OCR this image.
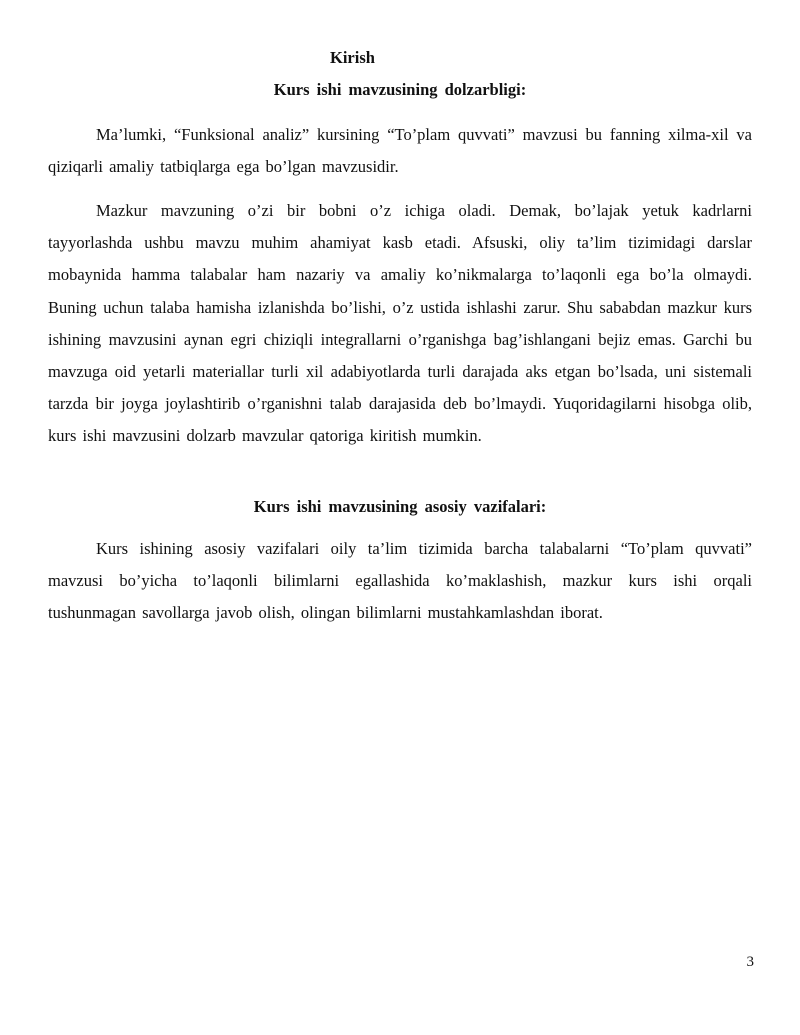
Kirish

Kurs ishi mavzusining dolzarbligi:

Ma’lumki, “Funksional analiz” kursining “To’plam quvvati” mavzusi bu fanning xilma-xil va qiziqarli amaliy tatbiqlarga ega bo’lgan mavzusidir.

Mazkur mavzuning o’zi bir bobni o’z ichiga oladi. Demak, bo’lajak yetuk kadrlarni tayyorlashda ushbu mavzu muhim ahamiyat kasb etadi. Afsuski, oliy ta’lim tizimidagi darslar mobaynida hamma talabalar ham nazariy va amaliy ko’nikmalarga to’laqonli ega bo’la olmaydi. Buning uchun talaba hamisha izlanishda bo’lishi, o’z ustida ishlashi zarur. Shu sababdan mazkur kurs ishining mavzusini aynan egri chiziqli integrallarni o’rganishga bag’ishlangani bejiz emas. Garchi bu mavzuga oid yetarli materiallar turli xil adabiyotlarda turli darajada aks etgan bo’lsada, uni sistemali tarzda bir joyga joylashtirib o’rganishni talab darajasida deb bo’lmaydi. Yuqoridagilarni hisobga olib, kurs ishi mavzusini dolzarb mavzular qatoriga kiritish mumkin.

Kurs ishi mavzusining asosiy vazifalari:

Kurs ishining asosiy vazifalari oily ta’lim tizimida barcha talabalarni “To’plam quvvati” mavzusi bo’yicha to’laqonli bilimlarni egallashida ko’maklashish, mazkur kurs ishi orqali tushunmagan savollarga javob olish, olingan bilimlarni mustahkamlashdan iborat.

3
